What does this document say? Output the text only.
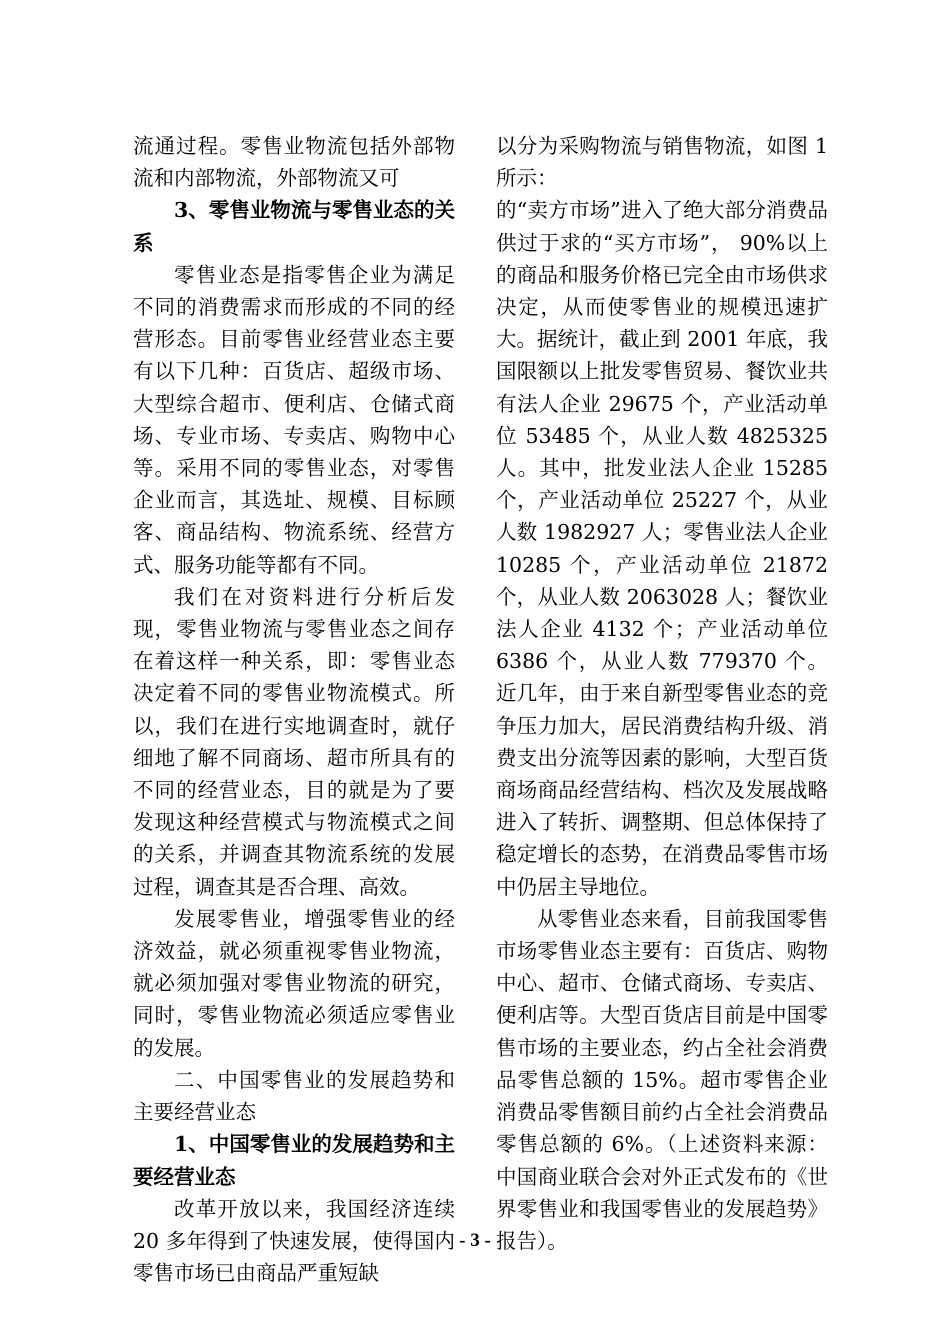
流通过程。零售业物流包括外部物流和内部物流，外部物流又可

3、零售业物流与零售业态的关系

零售业态是指零售企业为满足不同的消费需求而形成的不同的经营形态。目前零售业经营业态主要有以下几种：百货店、超级市场、大型综合超市、便利店、仓储式商场、专业市场、专卖店、购物中心等。采用不同的零售业态，对零售企业而言，其选址、规模、目标顾客、商品结构、物流系统、经营方式、服务功能等都有不同。

我们在对资料进行分析后发现，零售业物流与零售业态之间存在着这样一种关系，即：零售业态决定着不同的零售业物流模式。所以，我们在进行实地调查时，就仔细地了解不同商场、超市所具有的不同的经营业态，目的就是为了要发现这种经营模式与物流模式之间的关系，并调查其物流系统的发展过程，调查其是否合理、高效。

发展零售业，增强零售业的经济效益，就必须重视零售业物流，就必须加强对零售业物流的研究，同时，零售业物流必须适应零售业的发展。

二、中国零售业的发展趋势和主要经营业态

1、中国零售业的发展趋势和主要经营业态

改革开放以来，我国经济连续 20 多年得到了快速发展，使得国内零售市场已由商品严重短缺

以分为采购物流与销售物流，如图 1 所示：

的“卖方市场”进入了绝大部分消费品供过于求的“买方市场”， 90%以上的商品和服务价格已完全由市场供求决定，从而使零售业的规模迅速扩大。据统计，截止到 2001 年底，我国限额以上批发零售贸易、餐饮业共有法人企业 29675 个，产业活动单位 53485 个，从业人数 4825325 人。其中，批发业法人企业 15285 个，产业活动单位 25227 个，从业人数 1982927 人；零售业法人企业 10285 个，产业活动单位 21872 个，从业人数 2063028 人；餐饮业法人企业 4132 个；产业活动单位 6386 个，从业人数 779370 个。近几年，由于来自新型零售业态的竞争压力加大，居民消费结构升级、消费支出分流等因素的影响，大型百货商场商品经营结构、档次及发展战略进入了转折、调整期、但总体保持了稳定增长的态势，在消费品零售市场中仍居主导地位。

从零售业态来看，目前我国零售市场零售业态主要有：百货店、购物中心、超市、仓储式商场、专卖店、便利店等。大型百货店目前是中国零售市场的主要业态，约占全社会消费品零售总额的 15%。超市零售企业消费品零售额目前约占全社会消费品零售总额的 6%。（上述资料来源：中国商业联合会对外正式发布的《世界零售业和我国零售业的发展趋势》报告）。

- 3 -
